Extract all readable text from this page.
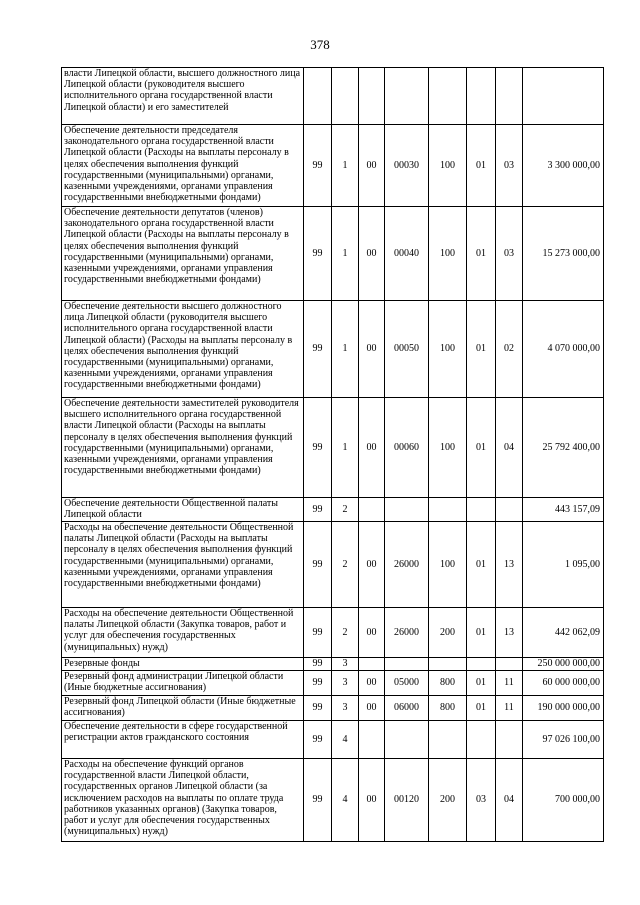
378
власти Липецкой области, высшего должностного лица Липецкой области (руководителя высшего исполнительного органа государственной власти Липецкой области) и его заместителей								
Обеспечение деятельности председателя законодательного органа государственной власти Липецкой области (Расходы на выплаты персоналу в целях обеспечения выполнения функций государственными (муниципальными) органами, казенными учреждениями, органами управления государственными внебюджетными фондами)	99	1	00	00030	100	01	03	3 300 000,00
Обеспечение деятельности депутатов (членов) законодательного органа государственной власти Липецкой области (Расходы на выплаты персоналу в целях обеспечения выполнения функций государственными (муниципальными) органами, казенными учреждениями, органами управления государственными внебюджетными фондами)	99	1	00	00040	100	01	03	15 273 000,00
Обеспечение деятельности высшего должностного лица Липецкой области (руководителя высшего исполнительного органа государственной власти Липецкой области) (Расходы на выплаты персоналу в целях обеспечения выполнения функций государственными (муниципальными) органами, казенными учреждениями, органами управления государственными внебюджетными фондами)	99	1	00	00050	100	01	02	4 070 000,00
Обеспечение деятельности заместителей руководителя высшего исполнительного органа государственной власти Липецкой области (Расходы на выплаты персоналу в целях обеспечения выполнения функций государственными (муниципальными) органами, казенными учреждениями, органами управления государственными внебюджетными фондами)	99	1	00	00060	100	01	04	25 792 400,00
Обеспечение деятельности Общественной палаты Липецкой области	99	2						443 157,09
Расходы на обеспечение деятельности Общественной палаты Липецкой области (Расходы на выплаты персоналу в целях обеспечения выполнения функций государственными (муниципальными) органами, казенными учреждениями, органами управления государственными внебюджетными фондами)	99	2	00	26000	100	01	13	1 095,00
Расходы на обеспечение деятельности Общественной палаты Липецкой области (Закупка товаров, работ и услуг для обеспечения государственных (муниципальных) нужд)	99	2	00	26000	200	01	13	442 062,09
Резервные фонды	99	3						250 000 000,00
Резервный фонд администрации Липецкой области (Иные бюджетные ассигнования)	99	3	00	05000	800	01	11	60 000 000,00
Резервный фонд Липецкой области (Иные бюджетные ассигнования)	99	3	00	06000	800	01	11	190 000 000,00
Обеспечение деятельности в сфере государственной регистрации актов гражданского состояния	99	4						97 026 100,00
Расходы на обеспечение функций органов государственной власти Липецкой области, государственных органов Липецкой области (за исключением расходов на выплаты по оплате труда работников указанных органов) (Закупка товаров, работ и услуг для обеспечения государственных (муниципальных) нужд)	99	4	00	00120	200	03	04	700 000,00
